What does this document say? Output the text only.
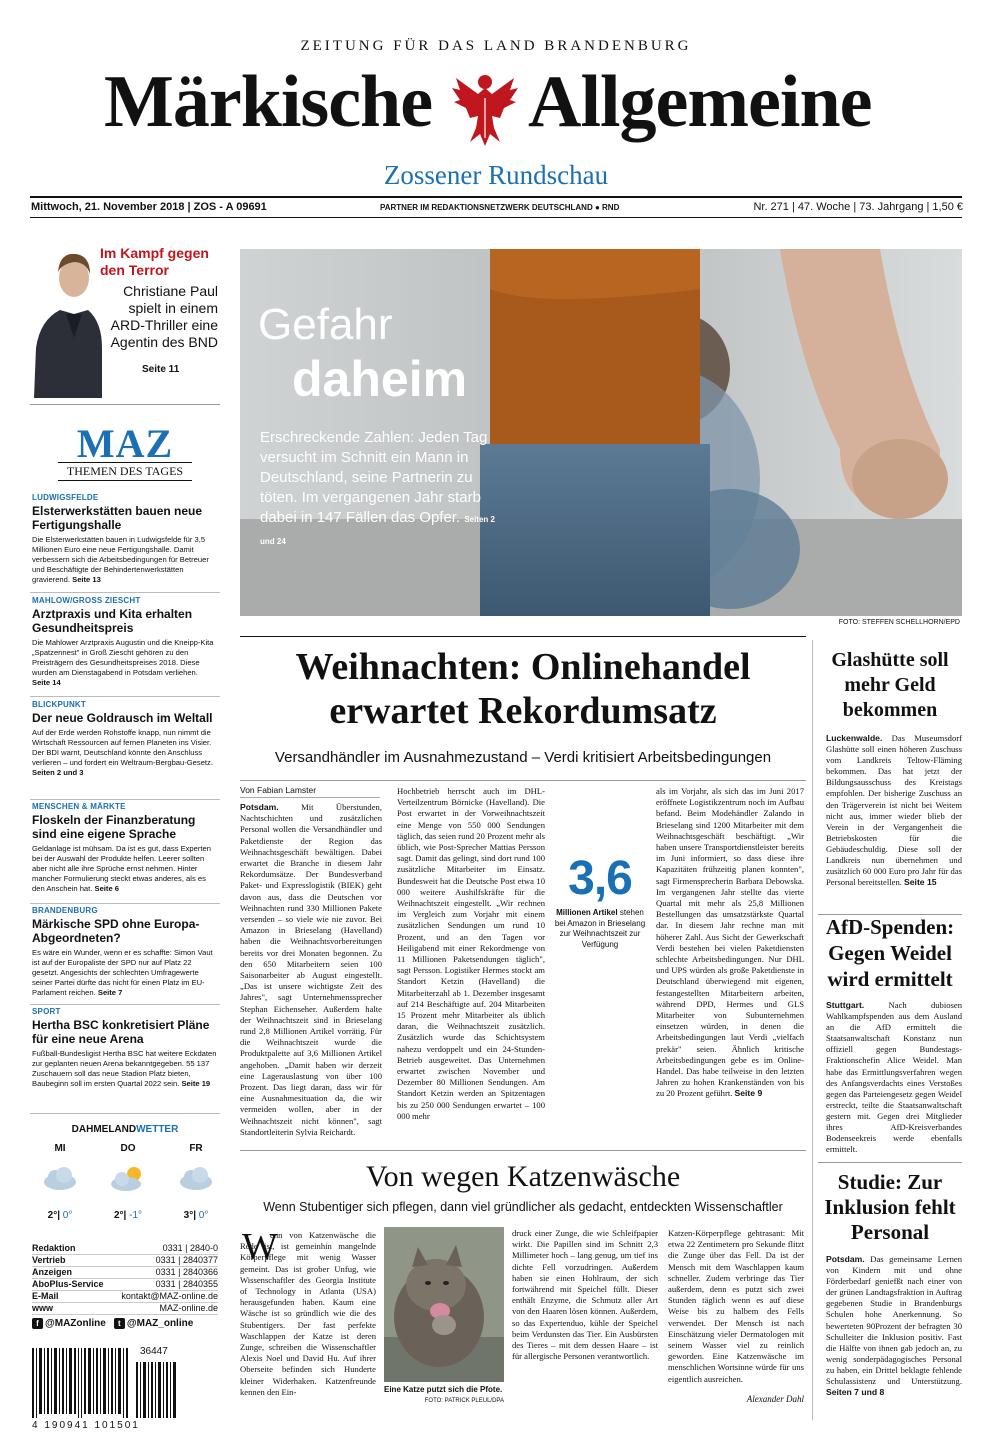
ZEITUNG FÜR DAS LAND BRANDENBURG
Märkische Allgemeine
Zossener Rundschau
Mittwoch, 21. November 2018 | ZOS - A 09691	PARTNER IM REDAKTIONSNETZWERK DEUTSCHLAND ● RND	Nr. 271 | 47. Woche | 73. Jahrgang | 1,50 €
Im Kampf gegen den Terror
Christiane Paul spielt in einem ARD-Thriller eine Agentin des BND
Seite 11
MAZ
THEMEN DES TAGES
LUDWIGSFELDE
Elsterwerkstätten bauen neue Fertigungshalle
Die Elsterwerkstätten bauen in Ludwigsfelde für 3,5 Millionen Euro eine neue Fertigungshalle. Damit verbessern sich die Arbeitsbedingungen für Betreuer und Beschäftigte der Behindertenwerkstätten gravierend. Seite 13
MAHLOW/GROSS ZIESCHT
Arztpraxis und Kita erhalten Gesundheitspreis
Die Mahlower Arztpraxis Augustin und die Kneipp-Kita „Spatzennest" in Groß Ziescht gehören zu den Preisträgern des Gesundheitspreises 2018. Diese wurden am Dienstagabend in Potsdam verliehen. Seite 14
BLICKPUNKT
Der neue Goldrausch im Weltall
Auf der Erde werden Rohstoffe knapp, nun nimmt die Wirtschaft Ressourcen auf fernen Planeten ins Visier. Der BDI warnt, Deutschland könnte den Anschluss verlieren – und fordert ein Weltraum-Bergbau-Gesetz. Seiten 2 und 3
MENSCHEN & MÄRKTE
Floskeln der Finanzberatung sind eine eigene Sprache
Geldanlage ist mühsam. Da ist es gut, dass Experten bei der Auswahl der Produkte helfen. Leerer sollten aber nicht alle ihre Sprüche ernst nehmen. Hinter mancher Formulierung steckt etwas anderes, als es den Anschein hat. Seite 6
BRANDENBURG
Märkische SPD ohne Europa-Abgeordneten?
Es wäre ein Wunder, wenn er es schaffte: Simon Vaut ist auf der Europaliste der SPD nur auf Platz 22 gesetzt. Angesichts der schlechten Umfragewerte seiner Partei dürfte das nicht für einen Platz im EU-Parlament reichen. Seite 7
SPORT
Hertha BSC konkretisiert Pläne für eine neue Arena
Fußball-Bundesligist Hertha BSC hat weitere Eckdaten zur geplanten neuen Arena bekanntgegeben. 55 137 Zuschauern soll das neue Stadion Platz bieten, Baubeginn soll im ersten Quartal 2022 sein. Seite 19
DAHMELANDWETTER
MI	DO	FR
2°| 0°	2°| -1°	3°| 0°
Redaktion	0331 | 2840-0
Vertrieb	0331 | 2840377
Anzeigen	0331 | 2840366
AboPlus-Service	0331 | 2840355
E-Mail	kontakt@MAZ-online.de
www	MAZ-online.de
f @MAZonline	t @MAZ_online
36447
4 190941 101501
Gefahr
daheim
Erschreckende Zahlen: Jeden Tag versucht im Schnitt ein Mann in Deutschland, seine Partnerin zu töten. Im vergangenen Jahr starb dabei in 147 Fällen das Opfer. Seiten 2 und 24
FOTO: STEFFEN SCHELLHORN/EPD
Weihnachten: Onlinehandel
erwartet Rekordumsatz
Versandhändler im Ausnahmezustand – Verdi kritisiert Arbeitsbedingungen
Von Fabian Lamster
Potsdam.	Mit Überstunden, Nachtschichten und zusätzlichen Personal wollen die Versandhändler und Paketdienste der Region das Weihnachtsgeschäft bewältigen. Dabei erwartet die Branche in diesem Jahr Rekordumsätze. Der Bundesverband Paket- und Expresslogistik (BIEK) geht davon aus, dass die Deutschen vor Weihnachten rund 330 Millionen Pakete versenden – so viele wie nie zuvor. Bei Amazon in Brieselang (Havelland) haben die Weihnachtsvorbereitungen bereits vor drei Monaten begonnen. Zu den 650 Mitarbeitern seien 100 Saisonarbeiter ab August eingestellt. „Das ist unsere wichtigste Zeit des Jahres", sagt Unternehmenssprecher Stephan Eichenseher. Außerdem halte der Weihnachtszeit sind in Brieselang rund 2,8 Millionen Artikel vorrätig. Für die Weihnachtszeit wurde die Produktpalette auf 3,6 Millionen Artikel angehoben. „Damit haben wir derzeit eine Lagerauslastung von über 100 Prozent. Das liegt daran, dass wir für eine Ausnahmesituation da, die wir vermeiden wollen, aber in der Weihnachtszeit nicht können", sagt Standortleiterin Sylvia Reichardt.
Hochbetrieb herrscht auch im DHL-Verteilzentrum Börnicke (Havelland). Die Post erwartet in der Vorweihnachtszeit eine Menge von 550 000 Sendungen täglich, das seien rund 20 Prozent mehr als üblich, wie Post-Sprecher Mattias Persson sagt. Damit das gelingt, sind dort rund 100 zusätzliche Mitarbeiter im Einsatz. Bundesweit hat die Deutsche Post etwa 10 000 weitere Aushilfskräfte für die Weihnachtszeit eingestellt. „Wir rechnen im Vergleich zum Vorjahr mit einem zusätzlichen Sendungen um rund 10 Prozent, und an den Tagen vor Heiligabend mit einer Rekordmenge von 11 Millionen Paketsendungen täglich", sagt Persson. Logistiker Hermes stockt am Standort Ketzin (Havelland) die Mitarbeiterzahl ab 1. Dezember insgesamt auf 214 Beschäftigte auf. 204 Mitarbeiten 15 Prozent mehr Mitarbeiter als üblich daran, die Weihnachtszeit zusätzlich. Zusätzlich wurde das Schichtsystem nahezu verdoppelt und ein 24-Stunden-Betrieb ausgeweitet. Das Unternehmen erwartet zwischen November und Dezember 80 Millionen Sendungen. Am Standort Ketzin werden an Spitzentagen bis zu 250 000 Sendungen erwartet – 100 000 mehr
3,6
Millionen Artikel stehen bei Amazon in Brieselang zur Weihnachtszeit zur Verfügung
als im Vorjahr, als sich das im Juni 2017 eröffnete Logistikzentrum noch im Aufbau befand. Beim Modehändler Zalando in Brieselang sind 1200 Mitarbeiter mit dem Weihnachtsgeschäft beschäftigt. „Wir haben unsere Transportdienstleister bereits im Juni informiert, so dass diese ihre Kapazitäten frühzeitig planen konnten", sagt Firmensprecherin Barbara Debowska. Im vergangenen Jahr stellte das vierte Quartal mit mehr als 25,8 Millionen Bestellungen das umsatzstärkste Quartal dar. In diesem Jahr rechne man mit höherer Zahl. Aus Sicht der Gewerkschaft Verdi bestehen bei vielen Paketdiensten schlechte Arbeitsbedingungen. Nur DHL und UPS würden als große Paketdienste in Deutschland überwiegend mit eigenen, festangestellten Mitarbeitern arbeiten, während DPD, Hermes und GLS Mitarbeiter von Subunternehmen einsetzen würden, in denen die Arbeitsbedingungen laut Verdi „vielfach prekär" seien. Ähnlich kritische Arbeitsbedingungen gebe es im Online-Handel. Das habe teilweise in den letzten Jahren zu hohen Krankenständen von bis zu 20 Prozent geführt. Seite 9
Glashütte soll mehr Geld bekommen
Luckenwalde. Das Museumsdorf Glashütte soll einen höheren Zuschuss vom Landkreis Teltow-Fläming bekommen. Das hat jetzt der Bildungsausschuss des Kreistags empfohlen. Der bisherige Zuschuss an den Trägerverein ist nicht bei Weitem nicht aus, immer wieder blieb der Verein in der Vergangenheit die Betriebskosten für die Gebäudeschuldig. Diese soll der Landkreis nun übernehmen und zusätzlich 60 000 Euro pro Jahr für das Personal bereitstellen. Seite 15
AfD-Spenden: Gegen Weidel wird ermittelt
Stuttgart.	Nach dubiosen Wahlkampfspenden aus dem Ausland an die AfD ermittelt die Staatsanwaltschaft Konstanz nun offiziell gegen Bundestags-Fraktionschefin Alice Weidel. Man habe das Ermittlungsverfahren wegen des Anfangsverdachts eines Verstoßes gegen das Parteiengesetz gegen Weidel erstreckt, teilte die Staatsanwaltschaft gestern mit. Gegen drei Mitglieder ihres AfD-Kreisverbandes Bodenseekreis werde ebenfalls ermittelt.
Studie: Zur Inklusion fehlt Personal
Potsdam. Das gemeinsame Lernen von Kindern mit und ohne Förderbedarf geniefßt nach einer von der grünen Landtagsfraktion in Auftrag gegebenen Studie in Brandenburgs Schulen hohe Anerkennung. So bewerteten 90Prozent der befragten 30 Schulleiter die Inklusion positiv. Fast die Hälfte von ihnen gab jedoch an, zu wenig sonderpädagogisches Personal zu haben, ein Drittel beklagte fehlende Schulassistenz und Unterstützung. Seiten 7 und 8
Von wegen Katzenwäsche
Wenn Stubentiger sich pflegen, dann viel gründlicher als gedacht, entdeckten Wissenschaftler
W
enn von Katzenwäsche die Rede ist, ist gemeinhin mangelnde Körperpflege mit wenig Wasser gemeint. Das ist grober Unfug, wie Wissenschaftler des Georgia Institute of Technology in Atlanta (USA) herausgefunden haben. Kaum eine Wäsche ist so gründlich wie die des Stubentigers. Der fast perfekte Waschlappen der Katze ist deren Zunge, schreiben die Wissenschaftler Alexis Noel und David Hu. Auf ihrer Oberseite befinden sich Hunderte kleiner Widerhaken. Katzenfreunde kennen den Ein-	Eine Katze putzt sich die Pfote.
FOTO: PATRICK PLEUL/DPA
druck einer Zunge, die wie Schleifpapier wirkt. Die Papillen sind im Schnitt 2,3 Millimeter hoch – lang genug, um tief ins dichte Fell vorzudringen. Außerdem haben sie einen Hohlraum, der sich fortwährend mit Speichel füllt. Dieser enthält Enzyme, die Schmutz aller Art von den Haaren lösen können. Außerdem, so das Expertenduo, kühle der Speichel beim Verdunsten das Tier. Ein Ausbürsten des Tieres – mit dem dessen Haare – ist für allergische Personen verantwortlich.
Katzen-Körperpflege gehtrasant: Mit etwa 22 Zentimetern pro Sekunde flitzt die Zunge über das Fell. Da ist der Mensch mit dem Waschlappen kaum schneller. Zudem verbringe das Tier außerdem, denn es putzt sich zwei Stunden täglich wenn es auf diese Weise bis zu halbem des Fells verwendet. Der Mensch ist nach Einschätzung vieler Dermatologen mit seinem Wasser viel zu reinlich geworden. Eine Katzenwäsche im menschlichen Wortsinne würde für uns eigentlich ausreichen.
Alexander Dahl
